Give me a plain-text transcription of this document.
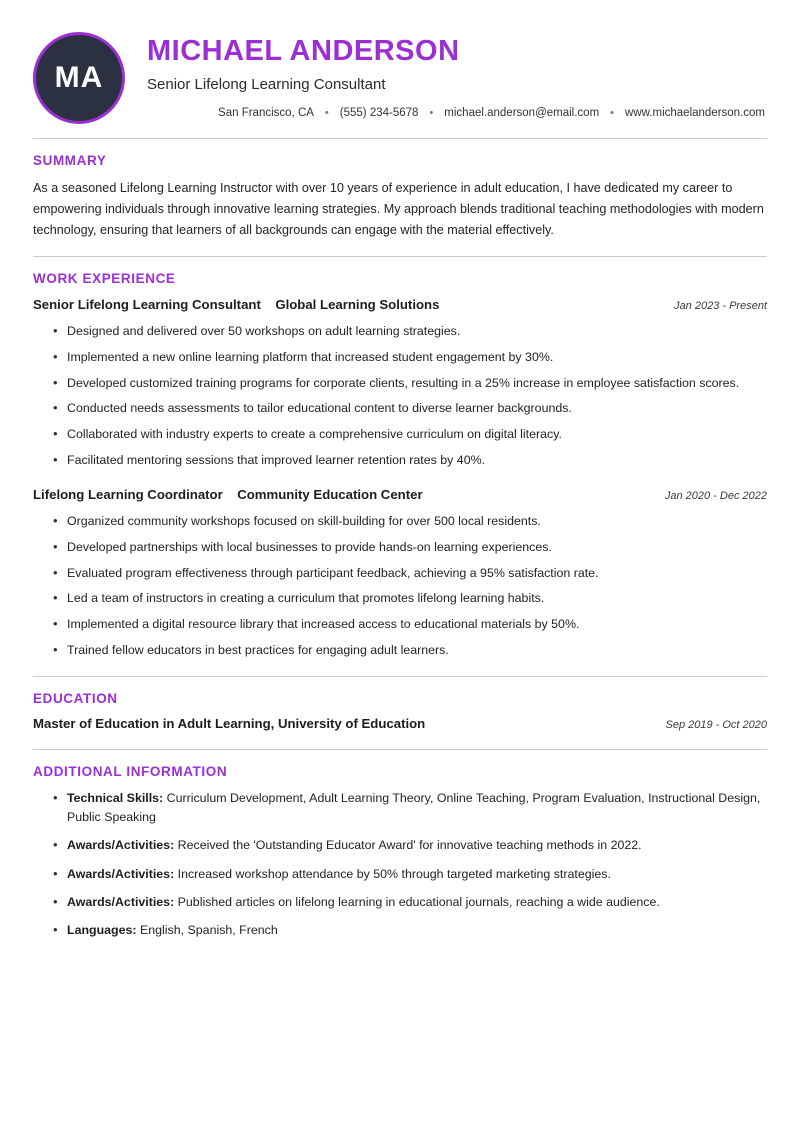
MA
MICHAEL ANDERSON
Senior Lifelong Learning Consultant
San Francisco, CA	• (555) 234-5678	• michael.anderson@email.com	• www.michaelanderson.com
SUMMARY

As a seasoned Lifelong Learning Instructor with over 10 years of experience in adult education, I have dedicated my career to empowering individuals through innovative learning strategies. My approach blends traditional teaching methodologies with modern technology, ensuring that learners of all backgrounds can engage with the material effectively.

WORK EXPERIENCE
Senior Lifelong Learning Consultant Global Learning Solutions	Jan 2023 - Present
• Designed and delivered over 50 workshops on adult learning strategies.
• Implemented a new online learning platform that increased student engagement by 30%.
• Developed customized training programs for corporate clients, resulting in a 25% increase in employee satisfaction scores.
• Conducted needs assessments to tailor educational content to diverse learner backgrounds.
• Collaborated with industry experts to create a comprehensive curriculum on digital literacy.
• Facilitated mentoring sessions that improved learner retention rates by 40%.
Lifelong Learning Coordinator Community Education Center	Jan 2020 - Dec 2022
• Organized community workshops focused on skill-building for over 500 local residents.
• Developed partnerships with local businesses to provide hands-on learning experiences.
• Evaluated program effectiveness through participant feedback, achieving a 95% satisfaction rate.
• Led a team of instructors in creating a curriculum that promotes lifelong learning habits.
• Implemented a digital resource library that increased access to educational materials by 50%.
• Trained fellow educators in best practices for engaging adult learners.
EDUCATION
Master of Education in Adult Learning, University of Education	Sep 2019 - Oct 2020
ADDITIONAL INFORMATION
• Technical Skills: Curriculum Development, Adult Learning Theory, Online Teaching, Program Evaluation, Instructional Design, Public Speaking
• Awards/Activities: Received the 'Outstanding Educator Award' for innovative teaching methods in 2022.
• Awards/Activities: Increased workshop attendance by 50% through targeted marketing strategies.
• Awards/Activities: Published articles on lifelong learning in educational journals, reaching a wide audience.
• Languages: English, Spanish, French
